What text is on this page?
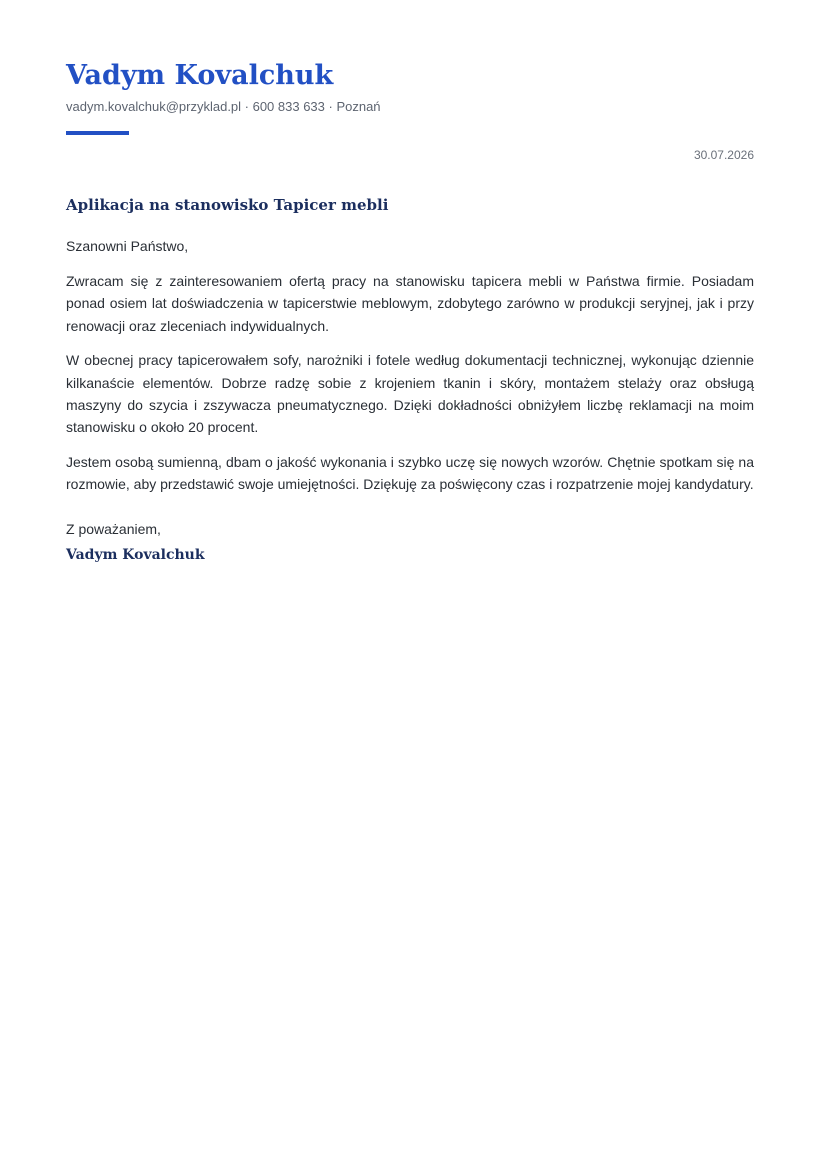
Vadym Kovalchuk
vadym.kovalchuk@przyklad.pl · 600 833 633 · Poznań
30.07.2026
Aplikacja na stanowisko Tapicer mebli
Szanowni Państwo,

Zwracam się z zainteresowaniem ofertą pracy na stanowisku tapicera mebli w Państwa firmie. Posiadam ponad osiem lat doświadczenia w tapicerstwie meblowym, zdobytego zarówno w produkcji seryjnej, jak i przy renowacji oraz zleceniach indywidualnych.

W obecnej pracy tapicerowałem sofy, narożniki i fotele według dokumentacji technicznej, wykonując dziennie kilkanaście elementów. Dobrze radzę sobie z krojeniem tkanin i skóry, montażem stelaży oraz obsługą maszyny do szycia i zszywacza pneumatycznego. Dzięki dokładności obniżyłem liczbę reklamacji na moim stanowisku o około 20 procent.

Jestem osobą sumienną, dbam o jakość wykonania i szybko uczę się nowych wzorów. Chętnie spotkam się na rozmowie, aby przedstawić swoje umiejętności. Dziękuję za poświęcony czas i rozpatrzenie mojej kandydatury.

Z poważaniem,
Vadym Kovalchuk
